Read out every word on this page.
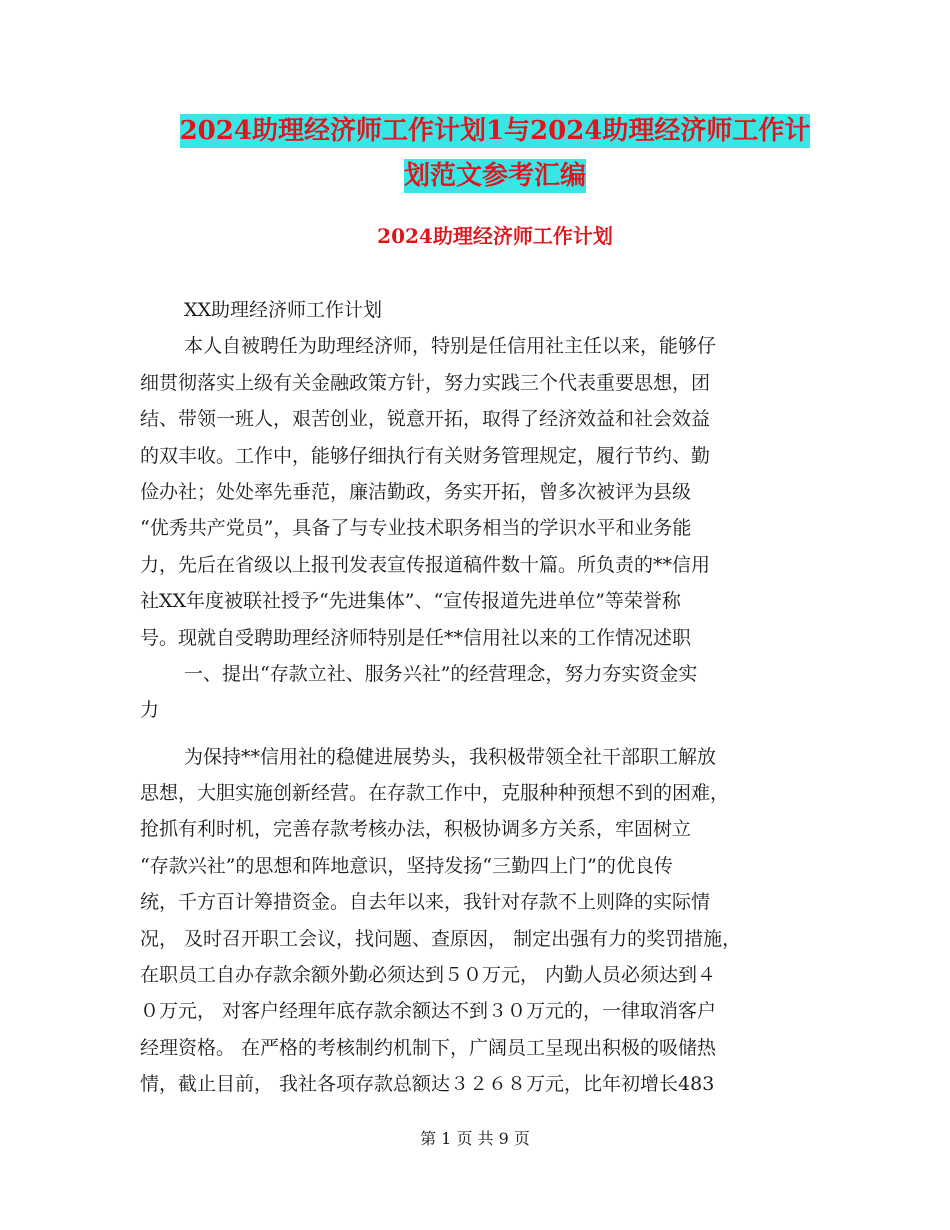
2024助理经济师工作计划1与2024助理经济师工作计
划范文参考汇编
2024助理经济师工作计划
XX助理经济师工作计划
本人自被聘任为助理经济师，特别是任信用社主任以来，能够仔
细贯彻落实上级有关金融政策方针，努力实践三个代表重要思想，团
结、带领一班人，艰苦创业，锐意开拓，取得了经济效益和社会效益
的双丰收。工作中，能够仔细执行有关财务管理规定，履行节约、勤
俭办社；处处率先垂范，廉洁勤政，务实开拓，曾多次被评为县级
“优秀共产党员”，具备了与专业技术职务相当的学识水平和业务能
力，先后在省级以上报刊发表宣传报道稿件数十篇。所负责的**信用
社XX年度被联社授予“先进集体”、“宣传报道先进单位”等荣誉称
号。现就自受聘助理经济师特别是任**信用社以来的工作情况述职
一、提出“存款立社、服务兴社”的经营理念，努力夯实资金实
力
为保持**信用社的稳健进展势头，我积极带领全社干部职工解放
思想，大胆实施创新经营。在存款工作中，克服种种预想不到的困难，
抢抓有利时机，完善存款考核办法，积极协调多方关系，牢固树立
“存款兴社”的思想和阵地意识，坚持发扬“三勤四上门”的优良传
统，千方百计筹措资金。自去年以来，我针对存款不上则降的实际情
况， 及时召开职工会议，找问题、查原因， 制定出强有力的奖罚措施，
在职员工自办存款余额外勤必须达到５０万元， 内勤人员必须达到４
０万元， 对客户经理年底存款余额达不到３０万元的，一律取消客户
经理资格。 在严格的考核制约机制下，广阔员工呈现出积极的吸储热
情，截止目前， 我社各项存款总额达３２６８万元，比年初增长483
第 1 页 共 9 页
